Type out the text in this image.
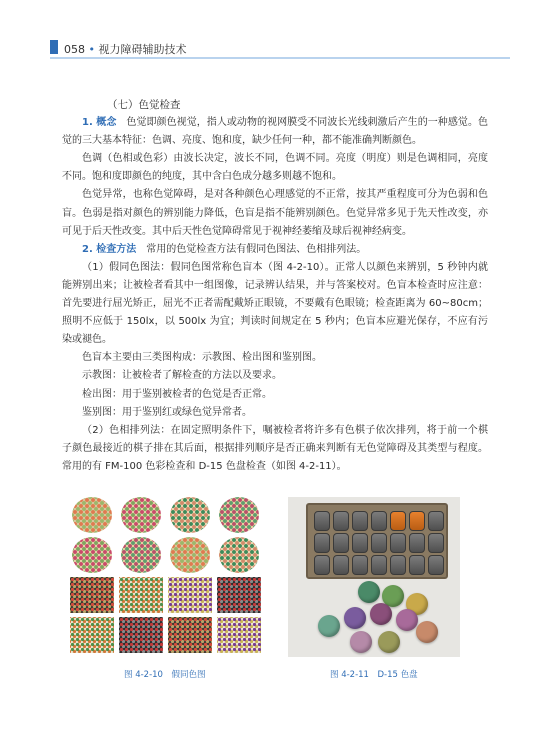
058 • 视力障碍辅助技术

（七）色觉检查

1. 概念　 色觉即颜色视觉，指人或动物的视网膜受不同波长光线刺激后产生的一种感觉。色觉的三大基本特征：色调、亮度、饱和度，缺少任何一种，都不能准确判断颜色。

色调（色相或色彩）由波长决定，波长不同，色调不同。亮度（明度）则是色调相同，亮度不同。饱和度即颜色的纯度，其中含白色成分越多则越不饱和。

色觉异常，也称色觉障碍，是对各种颜色心理感觉的不正常，按其严重程度可分为色弱和色盲。色弱是指对颜色的辨别能力降低，色盲是指不能辨别颜色。色觉异常多见于先天性改变，亦可见于后天性改变。其中后天性色觉障碍常见于视神经萎缩及球后视神经病变。

2. 检查方法　 常用的色觉检查方法有假同色图法、色相排列法。

（1）假同色图法：假同色图常称色盲本（图 4-2-10）。正常人以颜色来辨别，5 秒钟内就能辨别出来；让被检者看其中一组图像，记录辨认结果，并与答案校对。色盲本检查时应注意：首先要进行屈光矫正，屈光不正者需配戴矫正眼镜，不要戴有色眼镜；检查距离为 60~80cm；照明不应低于 150lx，以 500lx 为宜；判读时间规定在 5 秒内；色盲本应避光保存，不应有污染或褪色。

色盲本主要由三类图构成：示教图、检出图和鉴别图。

示教图：让被检者了解检查的方法以及要求。

检出图：用于鉴别被检者的色觉是否正常。

鉴别图：用于鉴别红或绿色觉异常者。

（2）色相排列法：在固定照明条件下，嘱被检者将许多有色棋子依次排列，将于前一个棋子颜色最接近的棋子排在其后面，根据排列顺序是否正确来判断有无色觉障碍及其类型与程度。常用的有 FM-100 色彩检查和 D-15 色盘检查（如图 4-2-11）。

图 4-2-10　假同色图	图 4-2-11　D-15 色盘
